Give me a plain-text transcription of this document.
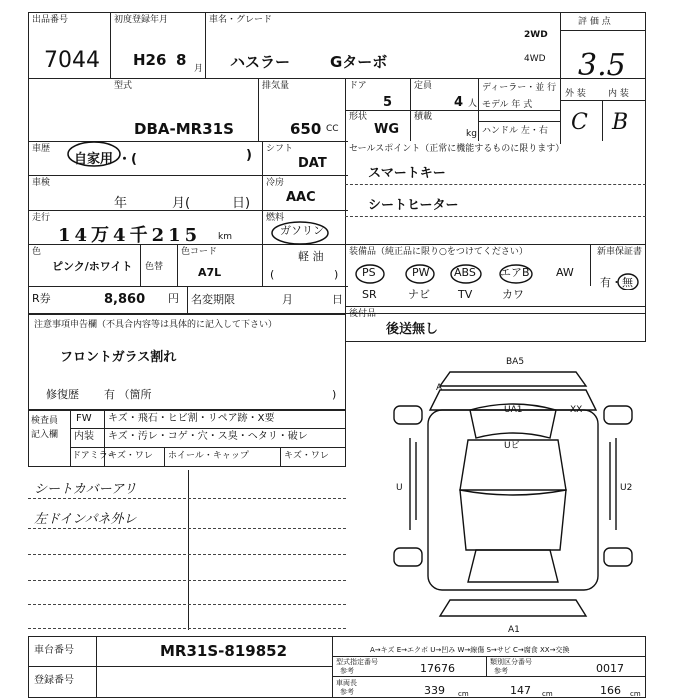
出品番号
7044
初度登録年月
H26 8 月
車名・グレード
ハスラー	Gターボ
2WD
4WD
評 価 点
3.5
外 装 内 装
C B
型式
DBA-MR31S
排気量
650 CC
ドア
5
定員
4 人
ディーラー・並 行
モデル 年 式
形状
WG
積載
kg ハンドル 左・右
車歴
自家用 ・(	) シフト
DAT
車検
年	月(	日)
冷房
AAC
走行
14万4千215 km
燃料
ガソリン
軽 油
(	)
色
ピンク/ホワイト 色替
色コード
A7L
R券	8,860 円 名変期限	月	日
セールスポイント（正常に機能するものに限ります）
スマートキー
シートヒーター
装備品（純正品に限り○をつけてください）	新車保証書
PS	PW ABS エアB AW
SR	ナビ	TV	カワ
有・無
注意事項申告欄（不具合内容等は具体的に記入して下さい）
フロントガラス割れ
修復歴 有 （箇所	)
後付品
後送無し
検査員
記入欄
FW キズ・飛石・ヒビ割・リペア跡・X要
内装 キズ・汚レ・コゲ・穴・ス臭・ヘタリ・破レ
ドアミラー
キズ・ワレ ホイール・キャップ	キズ・ワレ
シートカバーアリ
左ドインパネ外レ
BA5
UA1	XX
Uビ
U	U2
A1
A
車台番号	MR31S-819852
登録番号
A→キズ E→エクボ U→凹み W→線傷 S→サビ C→腐食 XX→交換
型式指定番号
参考	17676	類別区分番号
参考	0017
車両長
参考	339 cm	147 cm	166 cm
